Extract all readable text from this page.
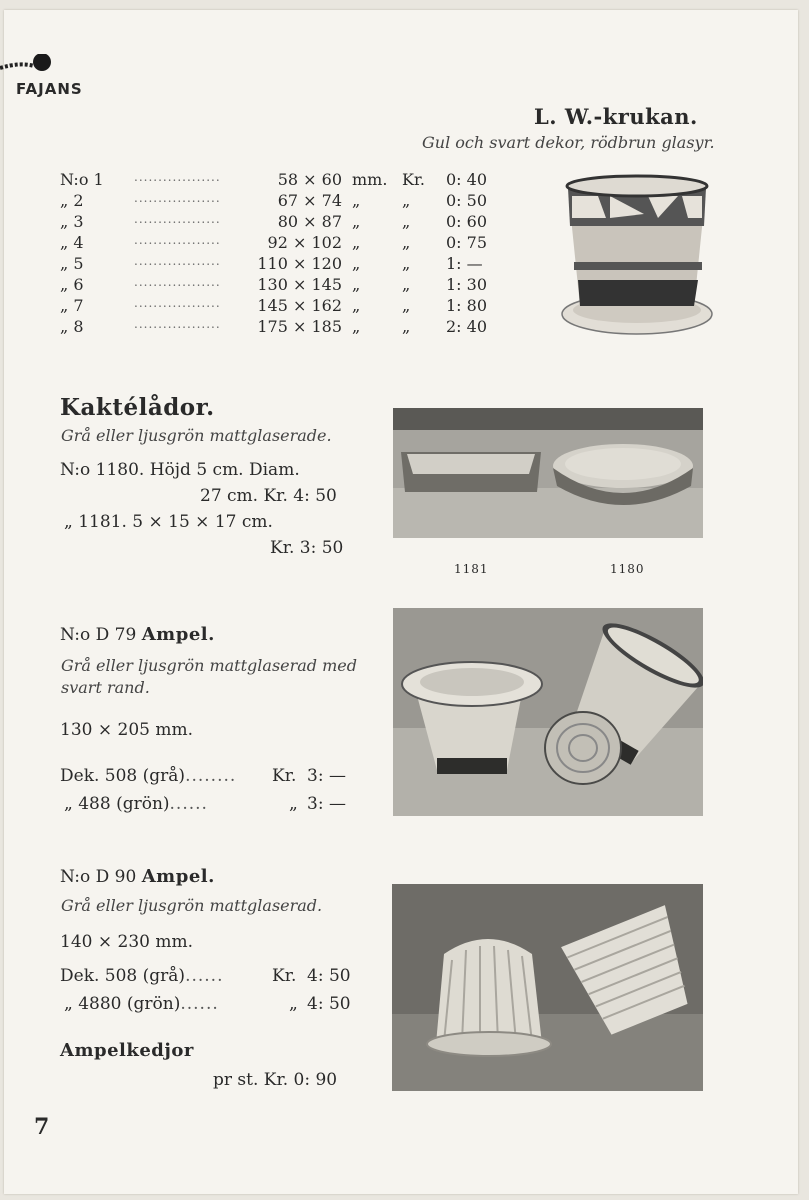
FAJANS
L. W.-krukan.
Gul och svart dekor, rödbrun glasyr.
..................
N:o 1	58 × 60 mm. Kr. 0: 40
..................
„ 2	67 × 74 „	„ 0: 50
..................
„ 3	80 × 87 „	„ 0: 60
..................
„ 4	92 × 102 „	„ 0: 75
..................
„ 5	110 × 120 „	„ 1: —
..................
„ 6	130 × 145 „	„ 1: 30
..................
„ 7	145 × 162 „	„ 1: 80
..................
„ 8	175 × 185 „	„ 2: 40
Kaktélådor.
Grå eller ljusgrön mattglaserade.
N:o 1180. Höjd 5 cm. Diam.
27 cm. Kr. 4: 50
„ 1181. 5 × 15 × 17 cm.
Kr. 3: 50
1181	1180
N:o D 79 Ampel.
Grå eller ljusgrön mattglaserad med
svart rand.
130 × 205 mm.
Dek. 508 (grå)........ Kr. 3: —
„ 488 (grön)......	„ 3: —
N:o D 90 Ampel.
Grå eller ljusgrön mattglaserad.
140 × 230 mm.
Dek. 508 (grå)......	Kr. 4: 50
„ 4880 (grön)......	„ 4: 50
Ampelkedjor
pr st. Kr. 0: 90
7
